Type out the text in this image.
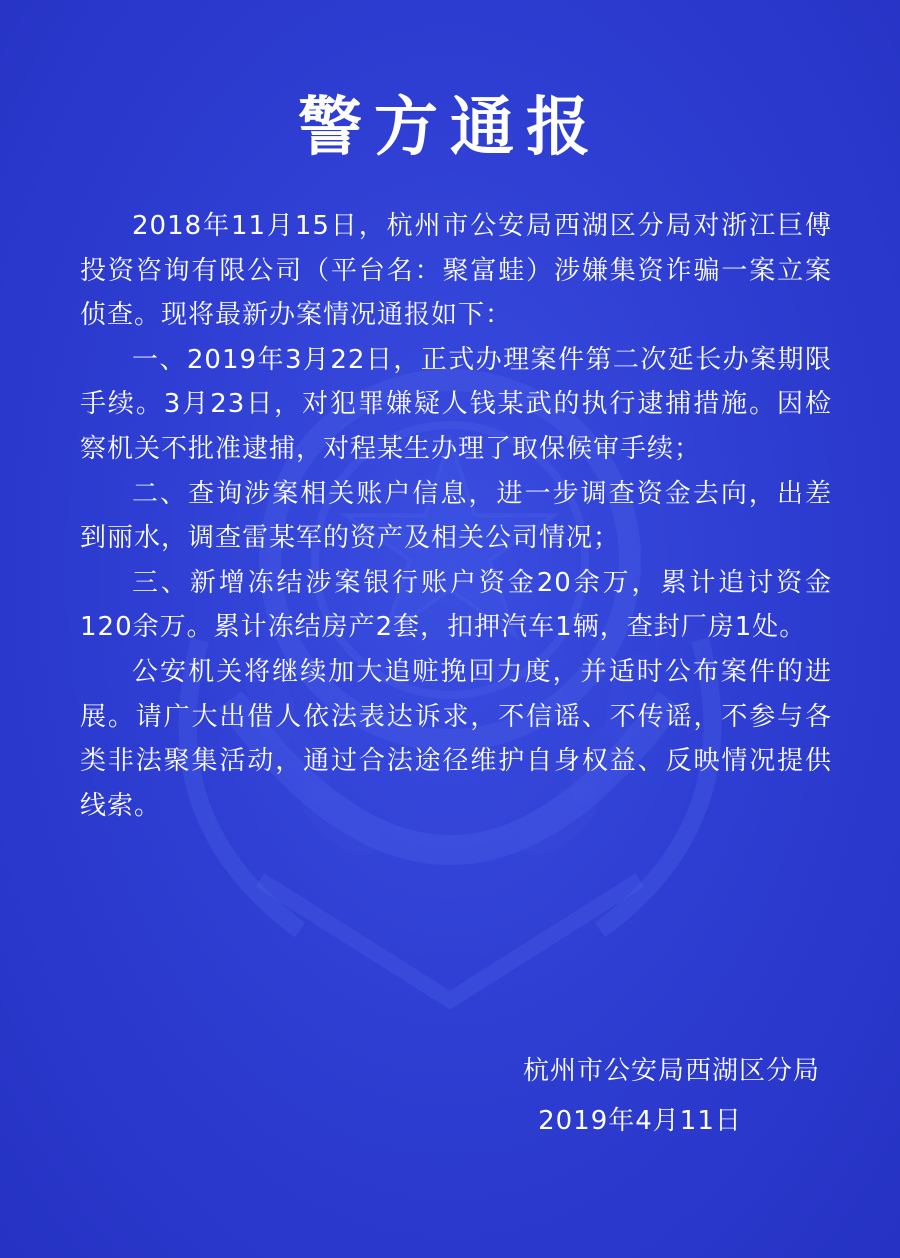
警方通报

2018年11月15日，杭州市公安局西湖区分局对浙江巨傅投资咨询有限公司（平台名：聚富蛙）涉嫌集资诈骗一案立案侦查。现将最新办案情况通报如下：

一、2019年3月22日，正式办理案件第二次延长办案期限手续。3月23日，对犯罪嫌疑人钱某武的执行逮捕措施。因检察机关不批准逮捕，对程某生办理了取保候审手续；

二、查询涉案相关账户信息，进一步调查资金去向，出差到丽水，调查雷某军的资产及相关公司情况；

三、新增冻结涉案银行账户资金20余万，累计追讨资金120余万。累计冻结房产2套，扣押汽车1辆，查封厂房1处。

公安机关将继续加大追赃挽回力度，并适时公布案件的进展。请广大出借人依法表达诉求，不信谣、不传谣，不参与各类非法聚集活动，通过合法途径维护自身权益、反映情况提供线索。

杭州市公安局西湖区分局
2019年4月11日
